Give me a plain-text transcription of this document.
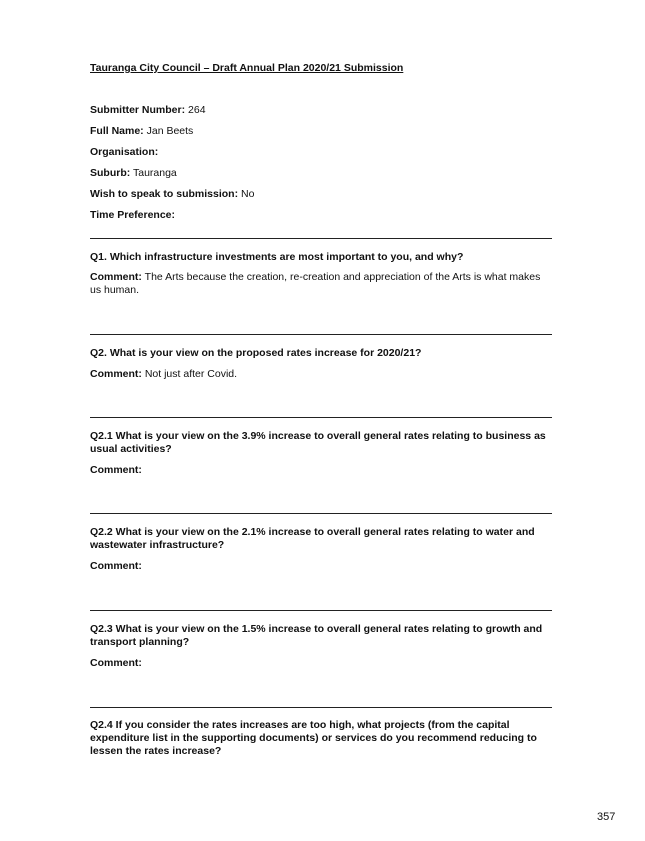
Tauranga City Council – Draft Annual Plan 2020/21 Submission
Submitter Number: 264
Full Name: Jan Beets
Organisation:
Suburb: Tauranga
Wish to speak to submission: No
Time Preference:
Q1. Which infrastructure investments are most important to you, and why?
Comment: The Arts because the creation, re-creation and appreciation of the Arts is what makes us human.
Q2. What is your view on the proposed rates increase for 2020/21?
Comment: Not just after Covid.
Q2.1 What is your view on the 3.9% increase to overall general rates relating to business as usual activities?
Comment:
Q2.2 What is your view on the 2.1% increase to overall general rates relating to water and wastewater infrastructure?
Comment:
Q2.3 What is your view on the 1.5% increase to overall general rates relating to growth and transport planning?
Comment:
Q2.4 If you consider the rates increases are too high, what projects (from the capital expenditure list in the supporting documents) or services do you recommend reducing to lessen the rates increase?
357
